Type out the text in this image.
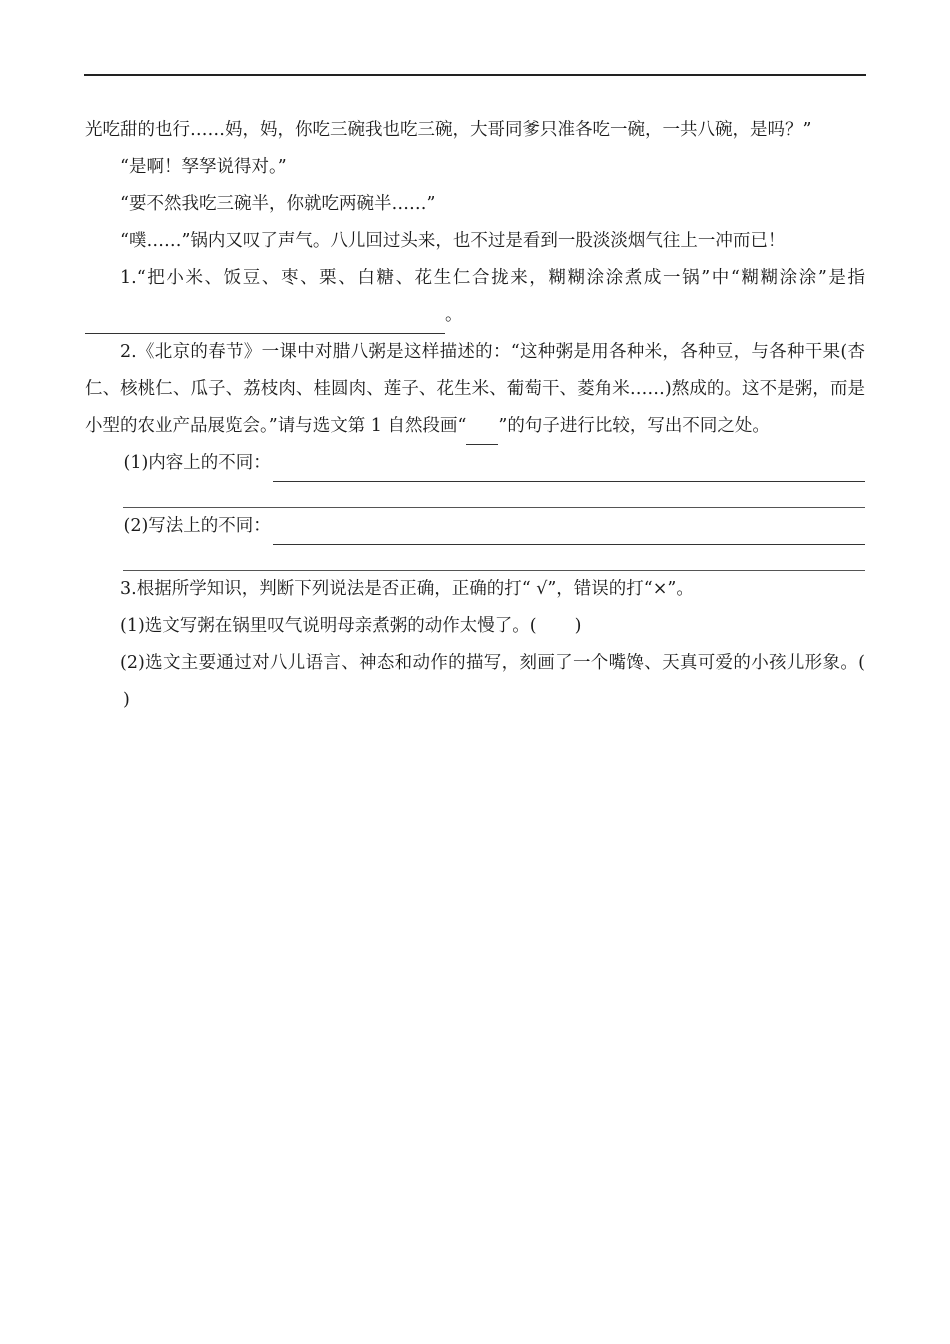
光吃甜的也行……妈，妈，你吃三碗我也吃三碗，大哥同爹只准各吃一碗，一共八碗，是吗？”

“是啊！孥孥说得对。”

“要不然我吃三碗半，你就吃两碗半……”

“噗……”锅内又叹了声气。八儿回过头来，也不过是看到一股淡淡烟气往上一冲而已！

1.“把小米、饭豆、枣、栗、白糖、花生仁合拢来，糊糊涂涂煮成一锅”中“糊糊涂涂”是指。

2.《北京的春节》一课中对腊八粥是这样描述的：“这种粥是用各种米，各种豆，与各种干果(杏仁、核桃仁、瓜子、荔枝肉、桂圆肉、莲子、花生米、葡萄干、菱角米……)熬成的。这不是粥，而是小型的农业产品展览会。”请与选文第 1 自然段画“ ”的句子进行比较，写出不同之处。

(1)内容上的不同：
(2)写法上的不同：

3.根据所学知识，判断下列说法是否正确，正确的打“ √”，错误的打“×”。

(1)选文写粥在锅里叹气说明母亲煮粥的动作太慢了。( )

(2)选文主要通过对八儿语言、神态和动作的描写，刻画了一个嘴馋、天真可爱的小孩儿形象。()
